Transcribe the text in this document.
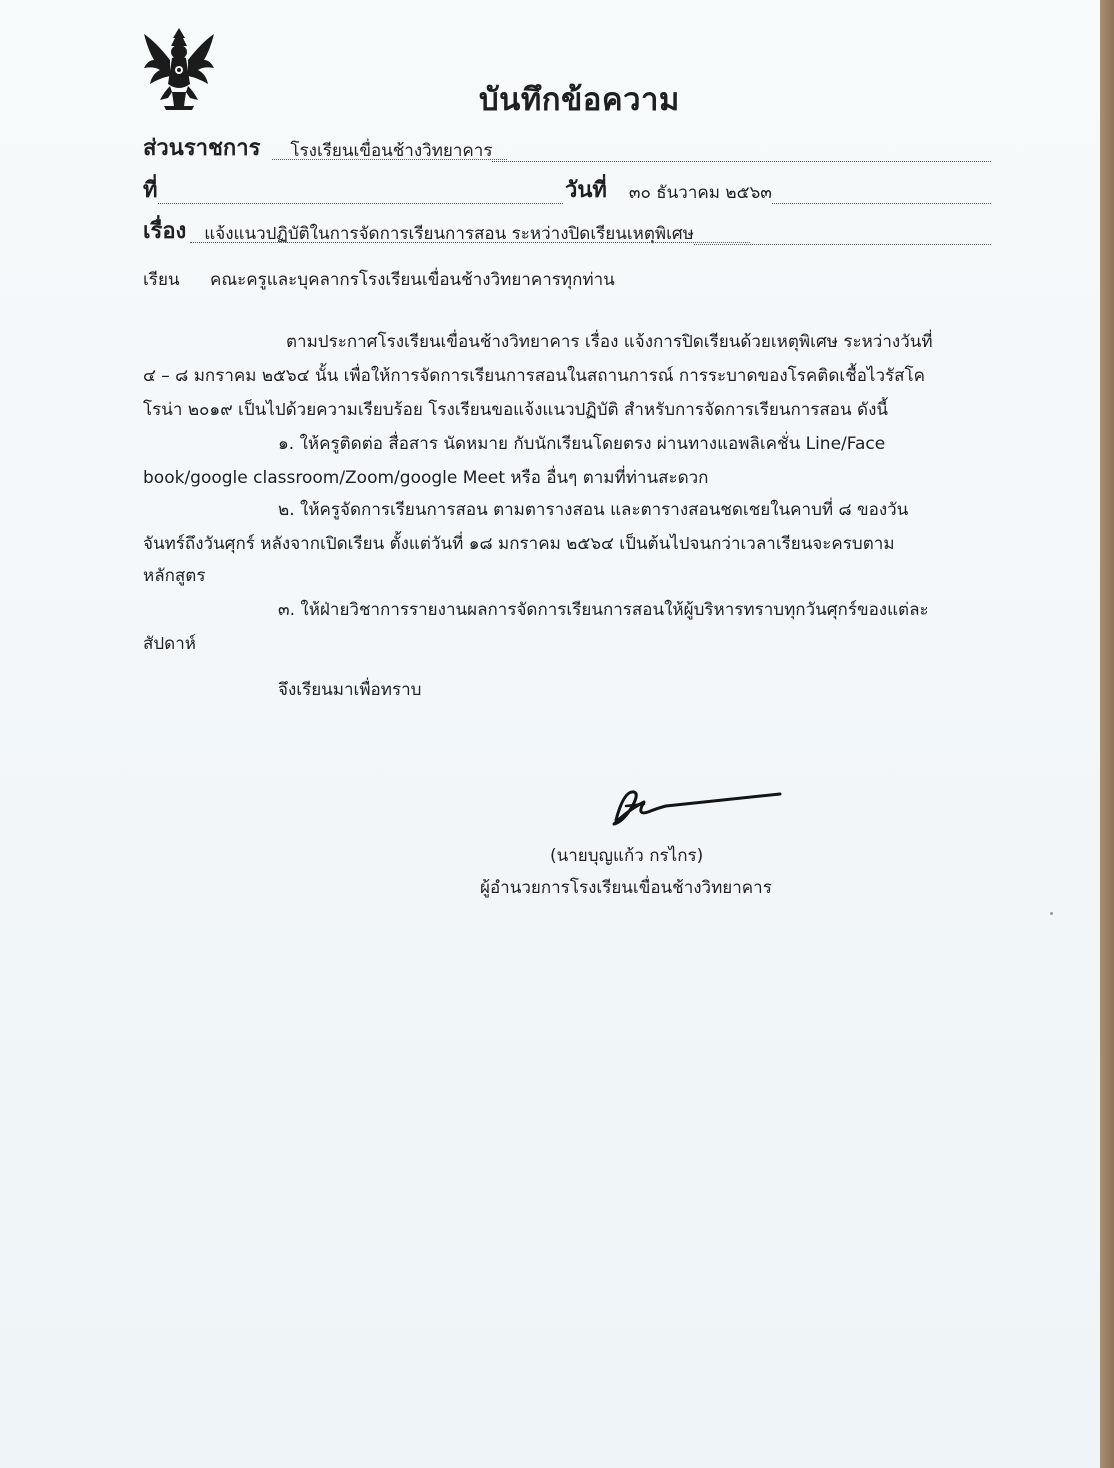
บันทึกข้อความ
ส่วนราชการ โรงเรียนเขื่อนช้างวิทยาคาร
ที่	วันที่ ๓๐ ธันวาคม ๒๕๖๓
เรื่อง แจ้งแนวปฏิบัติในการจัดการเรียนการสอน ระหว่างปิดเรียนเหตุพิเศษ
เรียน คณะครูและบุคลากรโรงเรียนเขื่อนช้างวิทยาคารทุกท่าน
ตามประกาศโรงเรียนเขื่อนช้างวิทยาคาร เรื่อง แจ้งการปิดเรียนด้วยเหตุพิเศษ ระหว่างวันที่
๔ – ๘ มกราคม ๒๕๖๔ นั้น เพื่อให้การจัดการเรียนการสอนในสถานการณ์ การระบาดของโรคติดเชื้อไวรัสโค
โรน่า ๒๐๑๙ เป็นไปด้วยความเรียบร้อย โรงเรียนขอแจ้งแนวปฏิบัติ สำหรับการจัดการเรียนการสอน ดังนี้
๑. ให้ครูติดต่อ สื่อสาร นัดหมาย กับนักเรียนโดยตรง ผ่านทางแอพลิเคชั่น Line/Face
book/google classroom/Zoom/google Meet หรือ อื่นๆ ตามที่ท่านสะดวก
๒. ให้ครูจัดการเรียนการสอน ตามตารางสอน และตารางสอนชดเชยในคาบที่ ๘ ของวัน
จันทร์ถึงวันศุกร์ หลังจากเปิดเรียน ตั้งแต่วันที่ ๑๘ มกราคม ๒๕๖๔ เป็นต้นไปจนกว่าเวลาเรียนจะครบตาม
หลักสูตร
๓. ให้ฝ่ายวิชาการรายงานผลการจัดการเรียนการสอนให้ผู้บริหารทราบทุกวันศุกร์ของแต่ละ
สัปดาห์
จึงเรียนมาเพื่อทราบ
(นายบุญแก้ว กรไกร)
ผู้อำนวยการโรงเรียนเขื่อนช้างวิทยาคาร
